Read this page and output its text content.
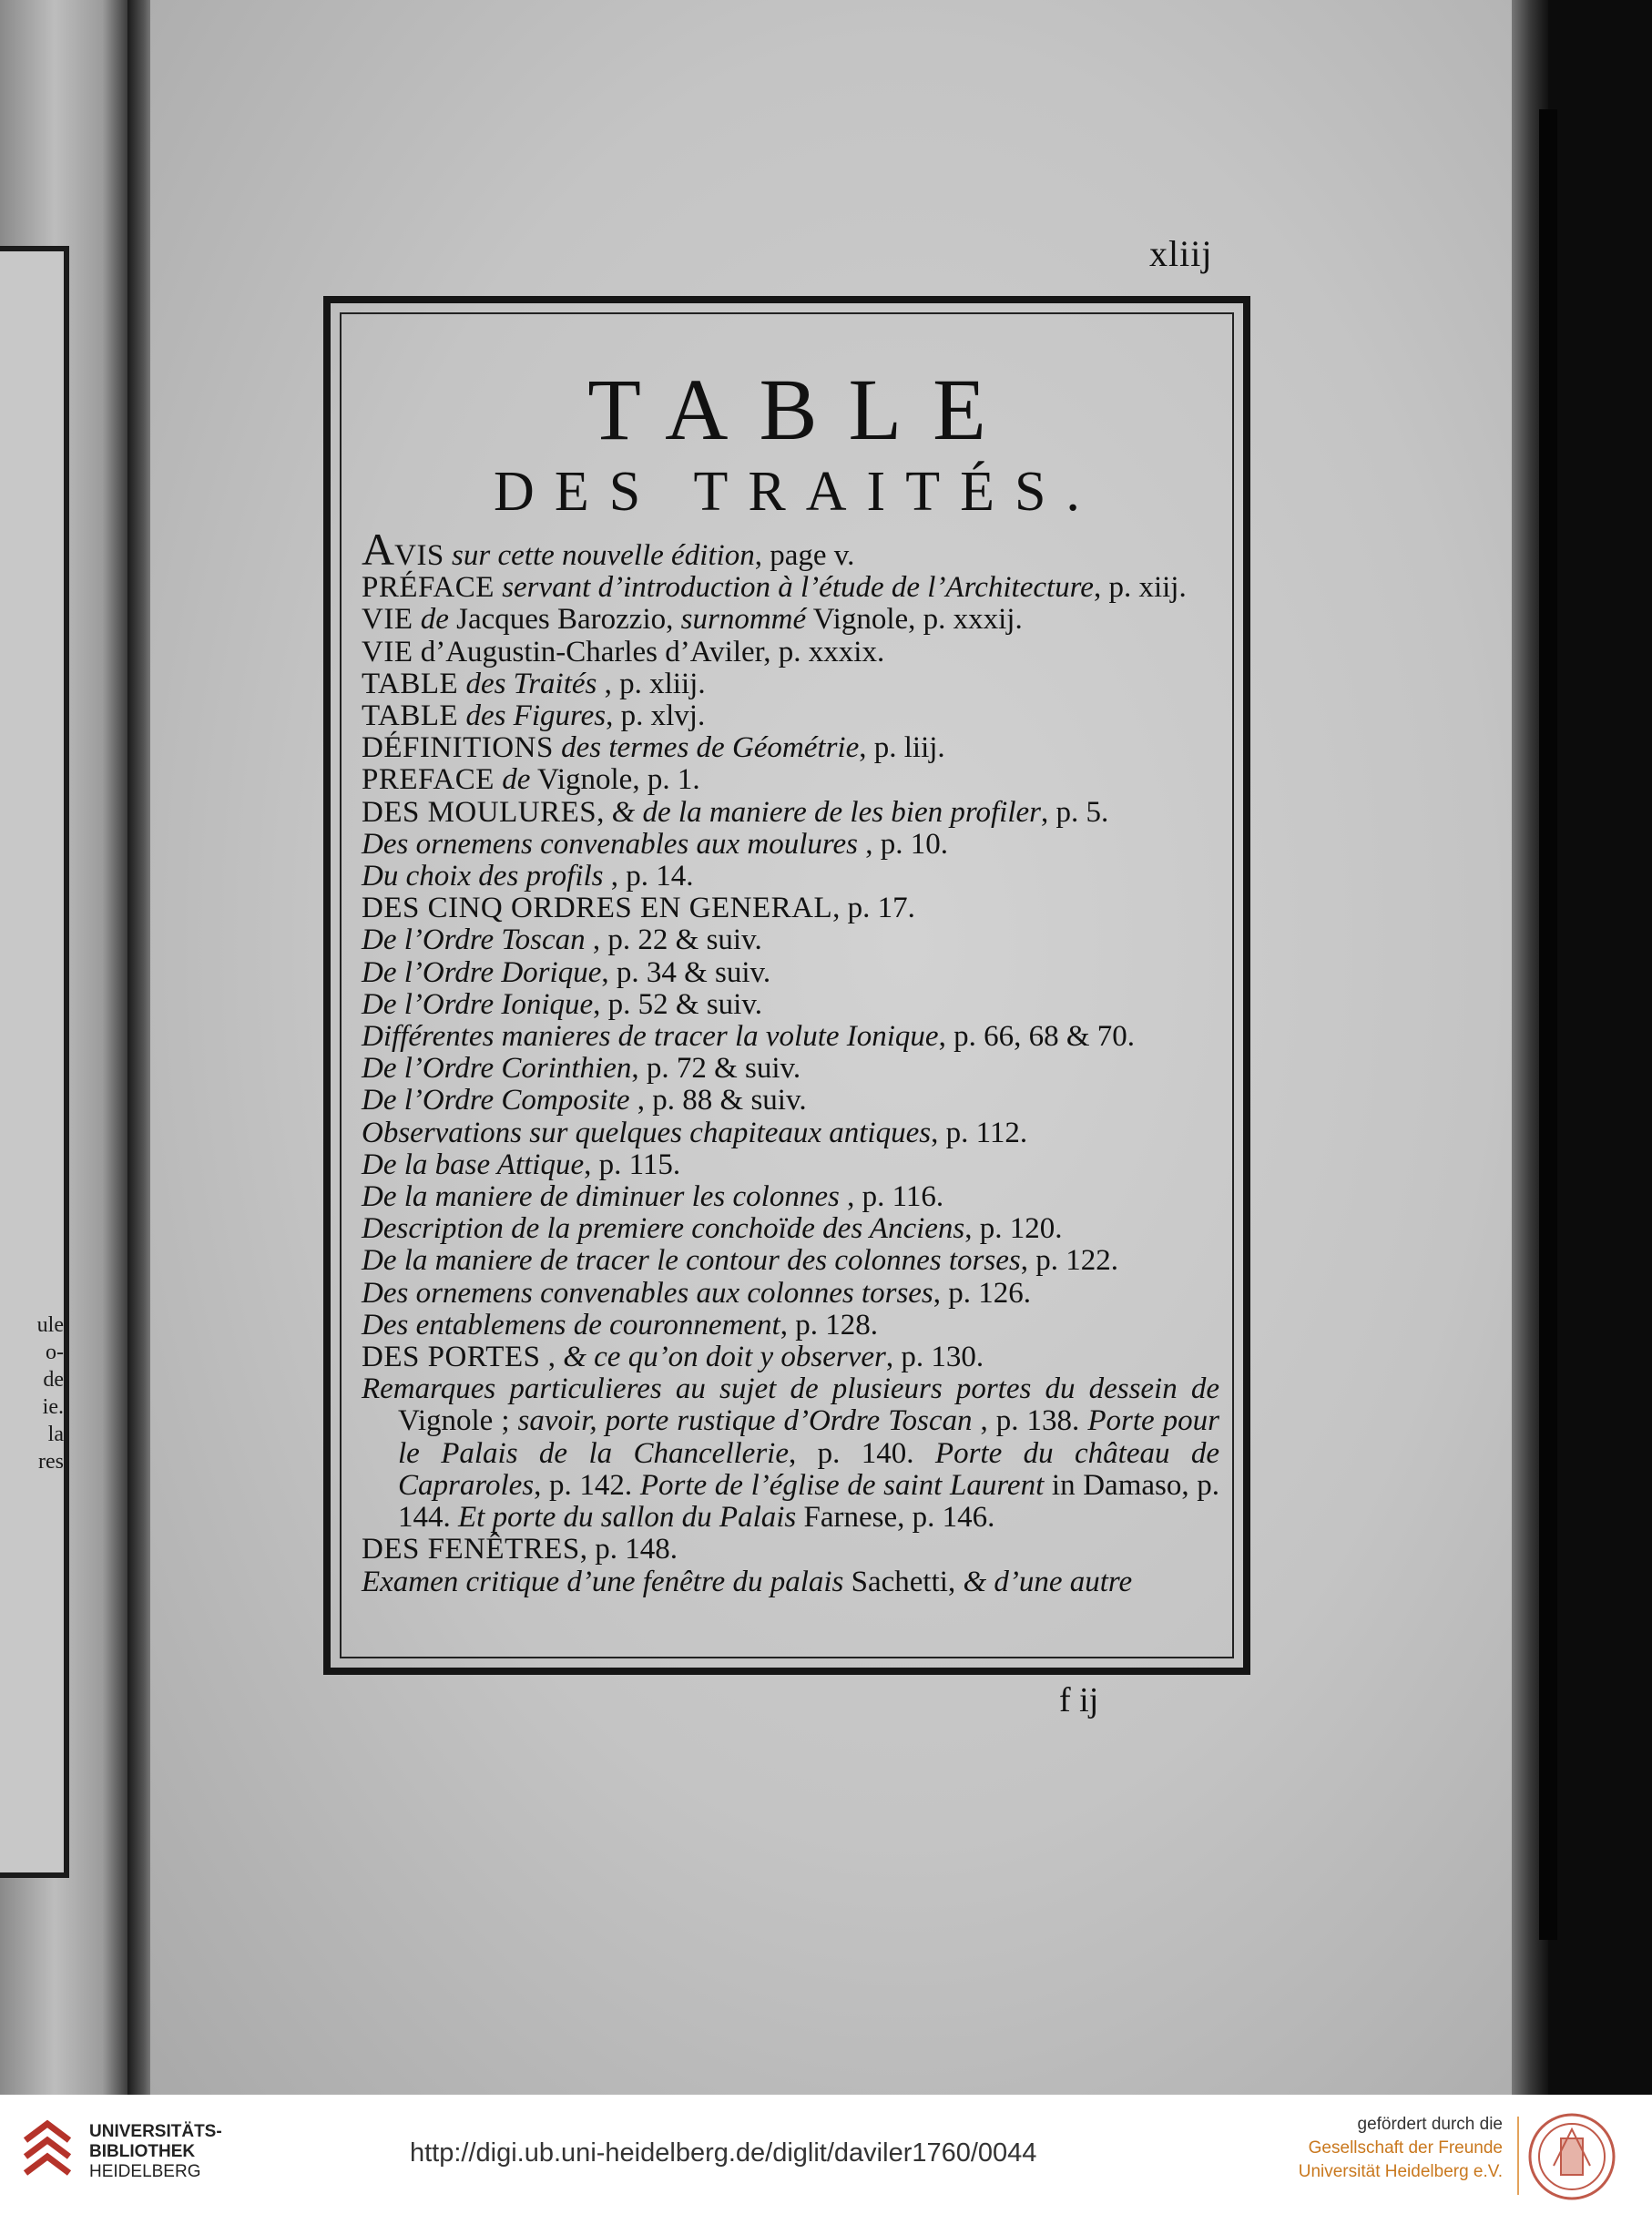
ule
o-
de
ie.
la
res
xliij
TABLE
DES TRAITÉS.
AVIS sur cette nouvelle édition, page v.
PRÉFACE servant d’introduction à l’étude de l’Architecture, p. xiij.
VIE de Jacques Barozzio, surnommé Vignole, p. xxxij.
VIE d’Augustin-Charles d’Aviler, p. xxxix.
TABLE des Traités , p. xliij.
TABLE des Figures, p. xlvj.
DÉFINITIONS des termes de Géométrie, p. liij.
PREFACE de Vignole, p. 1.
DES MOULURES, & de la maniere de les bien profiler, p. 5.
Des ornemens convenables aux moulures , p. 10.
Du choix des profils , p. 14.
DES CINQ ORDRES EN GENERAL, p. 17.
De l’Ordre Toscan , p. 22 & suiv.
De l’Ordre Dorique, p. 34 & suiv.
De l’Ordre Ionique, p. 52 & suiv.
Différentes manieres de tracer la volute Ionique, p. 66, 68 & 70.
De l’Ordre Corinthien, p. 72 & suiv.
De l’Ordre Composite , p. 88 & suiv.
Observations sur quelques chapiteaux antiques, p. 112.
De la base Attique, p. 115.
De la maniere de diminuer les colonnes , p. 116.
Description de la premiere conchoïde des Anciens, p. 120.
De la maniere de tracer le contour des colonnes torses, p. 122.
Des ornemens convenables aux colonnes torses, p. 126.
Des entablemens de couronnement, p. 128.
DES PORTES , & ce qu’on doit y observer, p. 130.
Remarques particulieres au sujet de plusieurs portes du dessein de Vignole ; savoir, porte rustique d’Ordre Toscan , p. 138. Porte pour le Palais de la Chancellerie, p. 140. Porte du château de Capraroles, p. 142. Porte de l’église de saint Laurent in Damaso, p. 144. Et porte du sallon du Palais Farnese, p. 146.
DES FENÊTRES, p. 148.
Examen critique d’une fenêtre du palais Sachetti, & d’une autre
f ij
UNIVERSITÄTS-
BIBLIOTHEK
HEIDELBERG
http://digi.ub.uni-heidelberg.de/diglit/daviler1760/0044
gefördert durch die
Gesellschaft der Freunde
Universität Heidelberg e.V.
